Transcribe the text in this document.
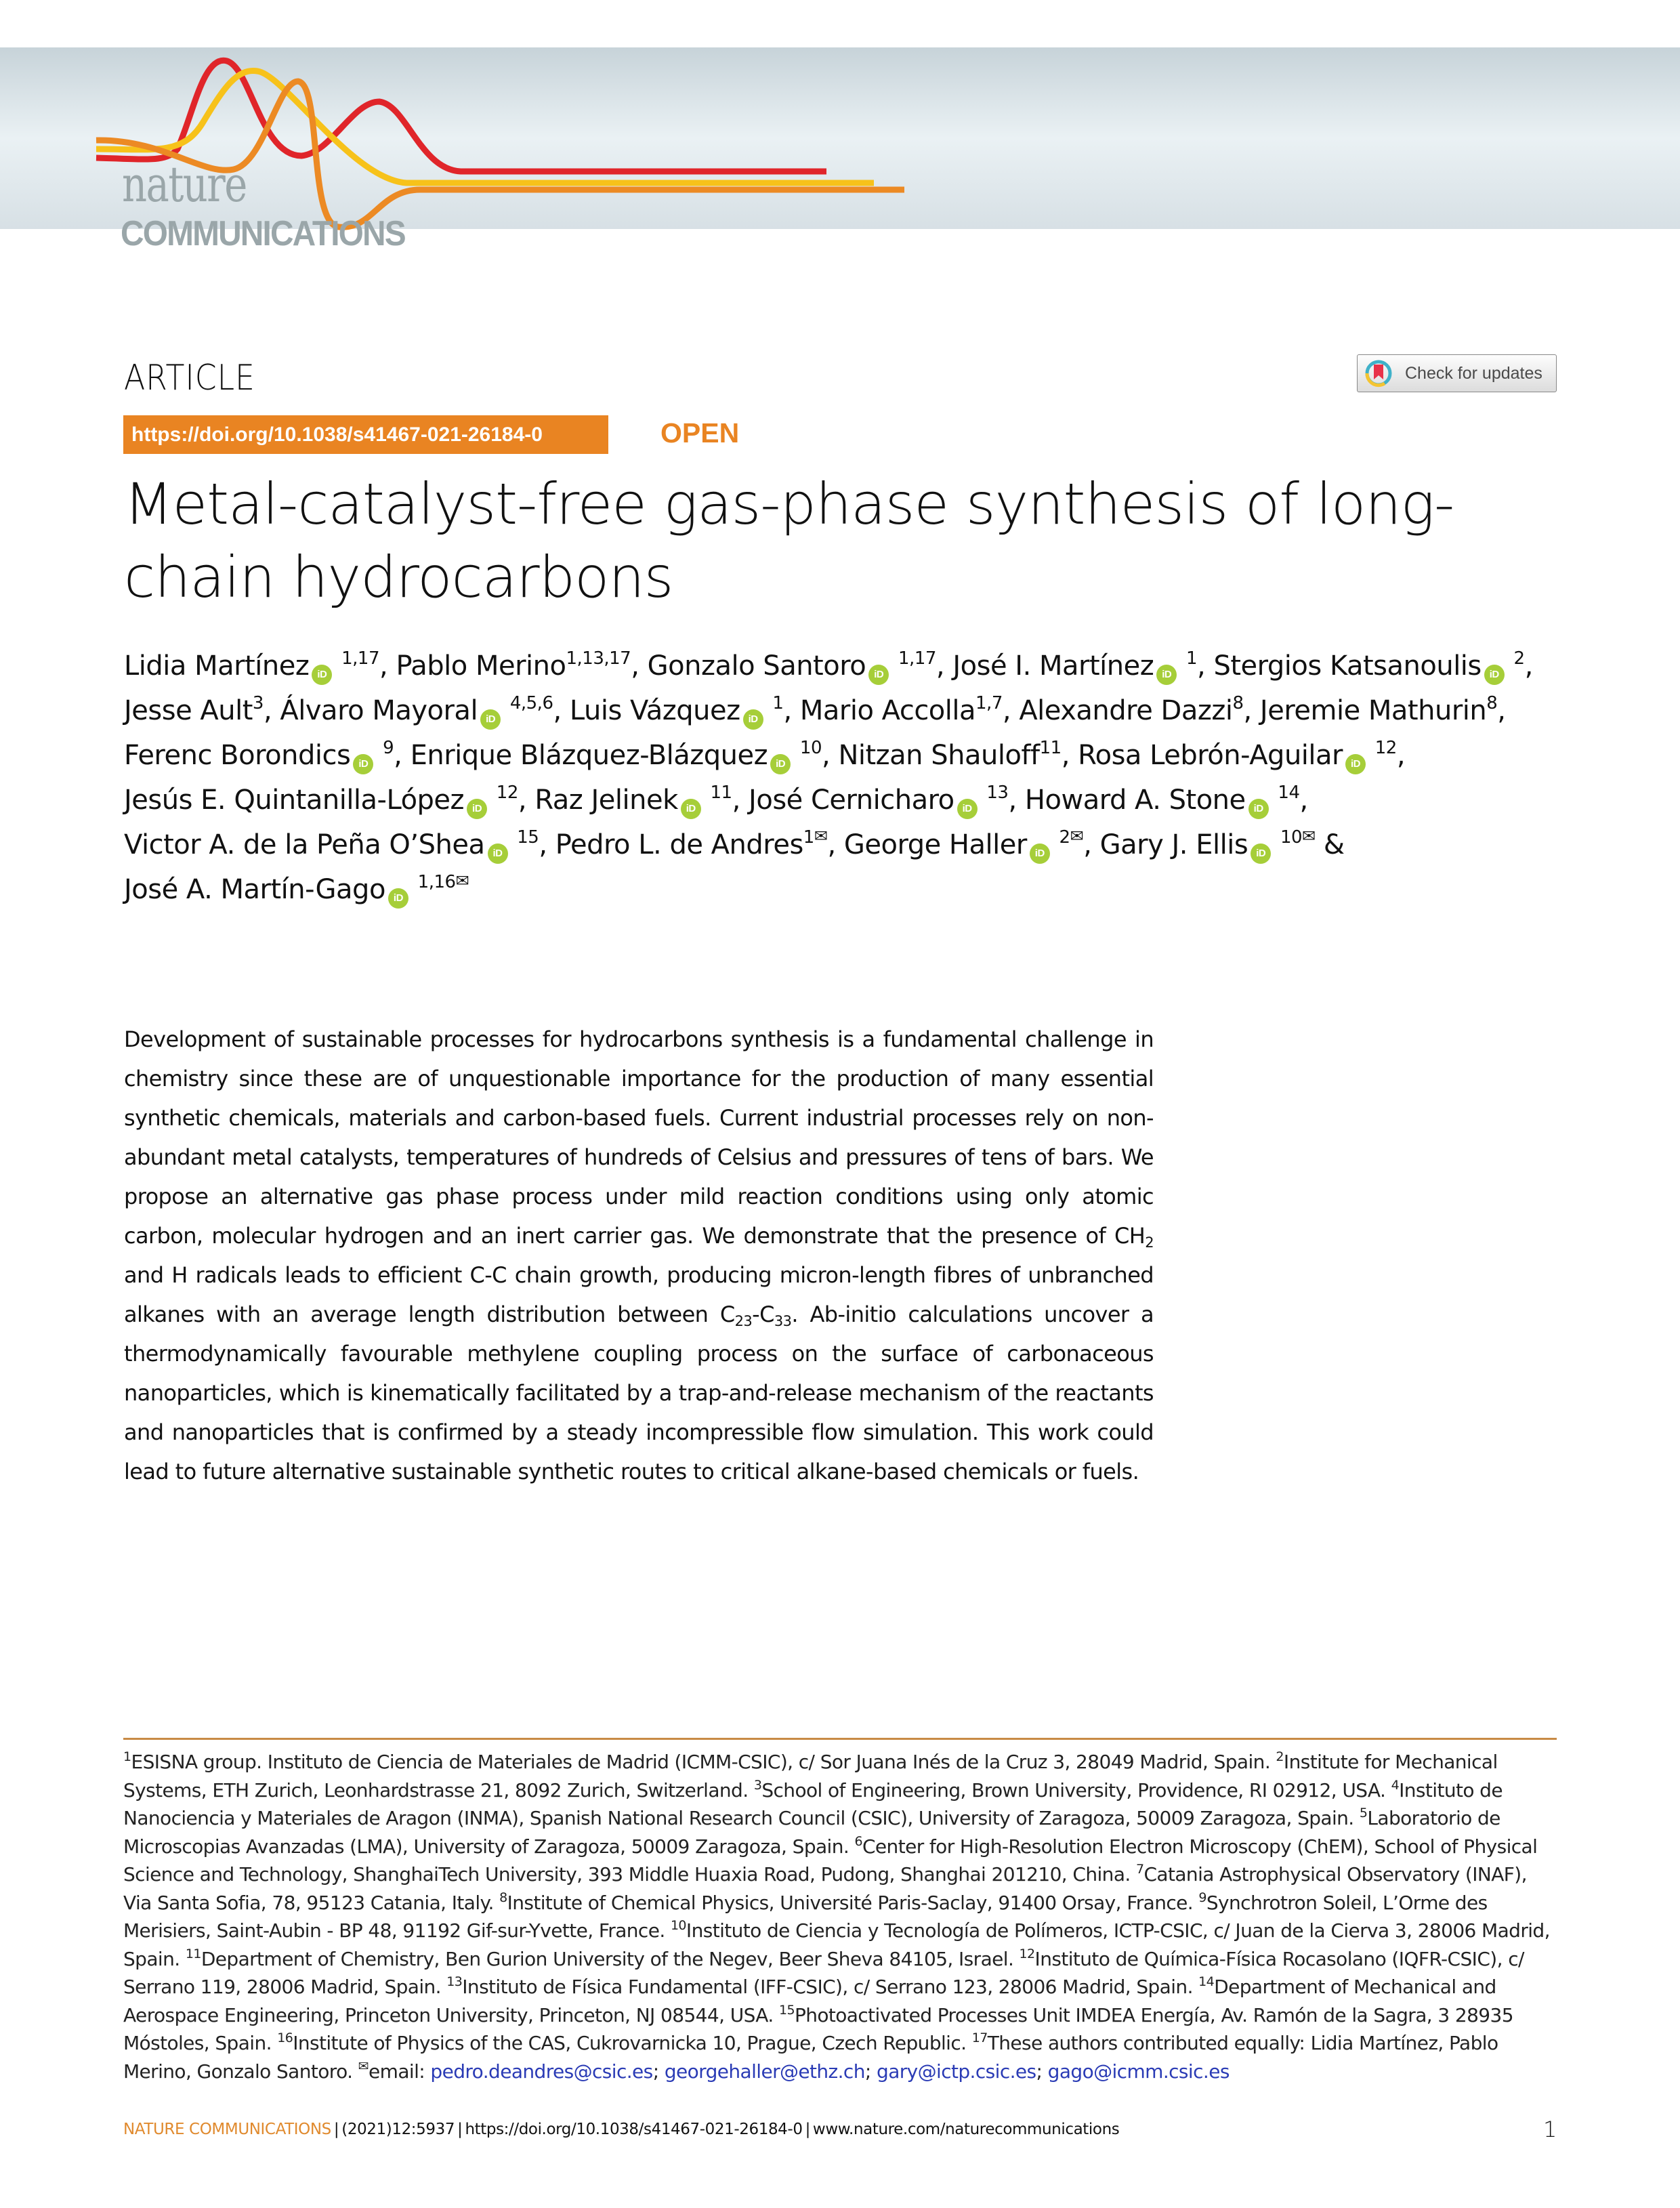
nature
COMMUNICATIONS
ARTICLE	Check for updates
https://doi.org/10.1038/s41467-021-26184-0	OPEN
Metal-catalyst-free gas-phase synthesis of long-chain hydrocarbons
Lidia Martínez iD $^{1,17}$, Pablo Merino$^{1,13,17}$, Gonzalo Santoro iD $^{1,17}$, José I. Martínez iD $^1$, Stergios Katsanoulis iD $^2$, Jesse Ault$^3$, Álvaro Mayoral iD $^{4,5,6}$, Luis Vázquez iD $^1$, Mario Accolla$^{1,7}$, Alexandre Dazzi$^8$, Jeremie Mathurin$^8$, Ferenc Borondics iD $^9$, Enrique Blázquez-Blázquez iD $^{10}$, Nitzan Shauloff$^{11}$, Rosa Lebrón-Aguilar iD $^{12}$, Jesús E. Quintanilla-López iD $^{12}$, Raz Jelinek iD $^{11}$, José Cernicharo iD $^{13}$, Howard A. Stone iD $^{14}$, Victor A. de la Peña O’Shea iD $^{15}$, Pedro L. de Andres$^{1✉}$, George Haller iD $^{2✉}$, Gary J. Ellis iD $^{10✉}$ & José A. Martín-Gago iD $^{1,16✉}$
Development of sustainable processes for hydrocarbons synthesis is a fundamental challenge in chemistry since these are of unquestionable importance for the production of many essential synthetic chemicals, materials and carbon-based fuels. Current industrial processes rely on non-abundant metal catalysts, temperatures of hundreds of Celsius and pressures of tens of bars. We propose an alternative gas phase process under mild reaction conditions using only atomic carbon, molecular hydrogen and an inert carrier gas. We demonstrate that the presence of $CH_2$ and H radicals leads to efficient C-C chain growth, producing micron-length fibres of unbranched alkanes with an average length distribution between $C_{23}-C_{33}$. Ab-initio calculations uncover a thermodynamically favourable methylene coupling process on the surface of carbonaceous nanoparticles, which is kinematically facilitated by a trap-and-release mechanism of the reactants and nanoparticles that is confirmed by a steady incompressible flow simulation. This work could lead to future alternative sustainable synthetic routes to critical alkane-based chemicals or fuels.
$^1$ESISNA group. Instituto de Ciencia de Materiales de Madrid (ICMM-CSIC), c/ Sor Juana Inés de la Cruz 3, 28049 Madrid, Spain. $^2$Institute for Mechanical Systems, ETH Zurich, Leonhardstrasse 21, 8092 Zurich, Switzerland. $^3$School of Engineering, Brown University, Providence, RI 02912, USA. $^4$Instituto de Nanociencia y Materiales de Aragon (INMA), Spanish National Research Council (CSIC), University of Zaragoza, 50009 Zaragoza, Spain. $^5$Laboratorio de Microscopias Avanzadas (LMA), University of Zaragoza, 50009 Zaragoza, Spain. $^6$Center for High-Resolution Electron Microscopy (ChEM), School of Physical Science and Technology, ShanghaiTech University, 393 Middle Huaxia Road, Pudong, Shanghai 201210, China. $^7$Catania Astrophysical Observatory (INAF), Via Santa Sofia, 78, 95123 Catania, Italy. $^8$Institute of Chemical Physics, Université Paris-Saclay, 91400 Orsay, France. $^9$Synchrotron Soleil, L’Orme des Merisiers, Saint-Aubin - BP 48, 91192 Gif-sur-Yvette, France. $^{10}$Instituto de Ciencia y Tecnología de Polímeros, ICTP-CSIC, c/ Juan de la Cierva 3, 28006 Madrid, Spain. $^{11}$Department of Chemistry, Ben Gurion University of the Negev, Beer Sheva 84105, Israel. $^{12}$Instituto de Química-Física Rocasolano (IQFR-CSIC), c/ Serrano 119, 28006 Madrid, Spain. $^{13}$Instituto de Física Fundamental (IFF-CSIC), c/ Serrano 123, 28006 Madrid, Spain. $^{14}$Department of Mechanical and Aerospace Engineering, Princeton University, Princeton, NJ 08544, USA. $^{15}$Photoactivated Processes Unit IMDEA Energía, Av. Ramón de la Sagra, 3 28935 Móstoles, Spain. $^{16}$Institute of Physics of the CAS, Cukrovarnicka 10, Prague, Czech Republic. $^{17}$These authors contributed equally: Lidia Martínez, Pablo Merino, Gonzalo Santoro. ✉email: pedro.deandres@csic.es; georgehaller@ethz.ch; gary@ictp.csic.es; gago@icmm.csic.es
NATURE COMMUNICATIONS | (2021)12:5937 | https://doi.org/10.1038/s41467-021-26184-0 | www.nature.com/naturecommunications	1
